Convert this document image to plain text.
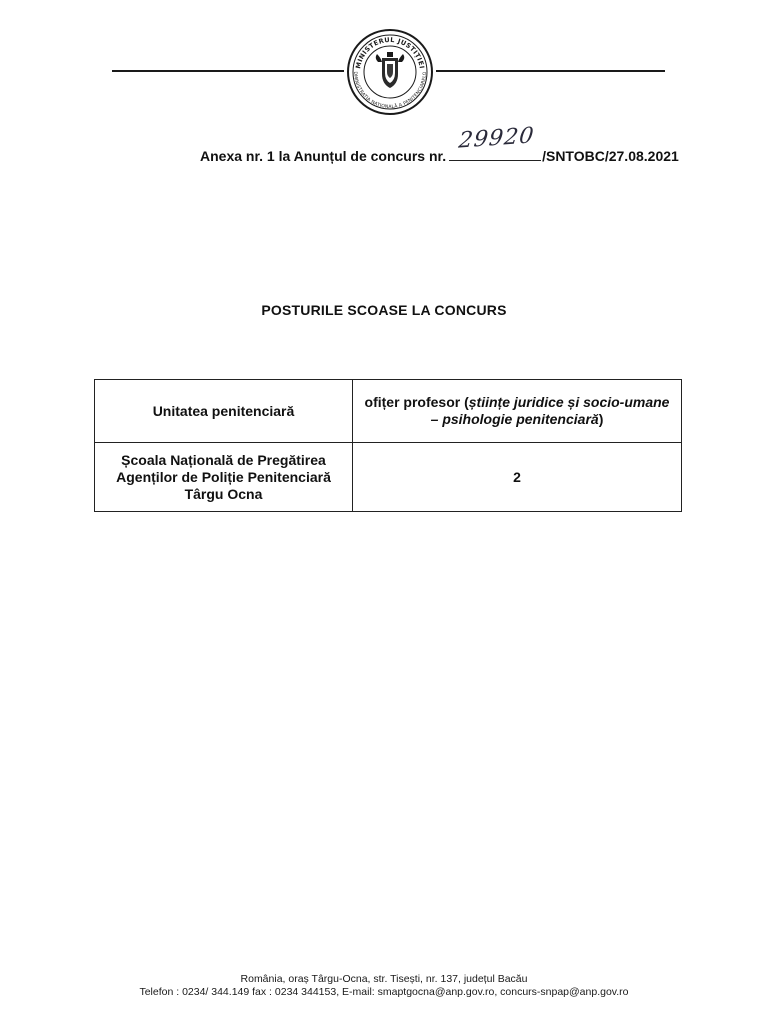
MINISTERUL JUSTIȚIEI
DMINISTRAȚIA NAȚIONALĂ A PENITENCIARELO
Anexa nr. 1 la Anunțul de concurs nr.
29920
/SNTOBC/27.08.2021
POSTURILE SCOASE LA CONCURS
Unitatea penitenciară	ofițer profesor (științe juridice și socio-umane – psihologie penitenciară)
Școala Națională de Pregătirea Agenților de Poliție Penitenciară Târgu Ocna	2
România, oraș Târgu-Ocna, str. Tisești, nr. 137, județul Bacău
Telefon : 0234/ 344.149 fax : 0234 344153, E-mail: smaptgocna@anp.gov.ro, concurs-snpap@anp.gov.ro
